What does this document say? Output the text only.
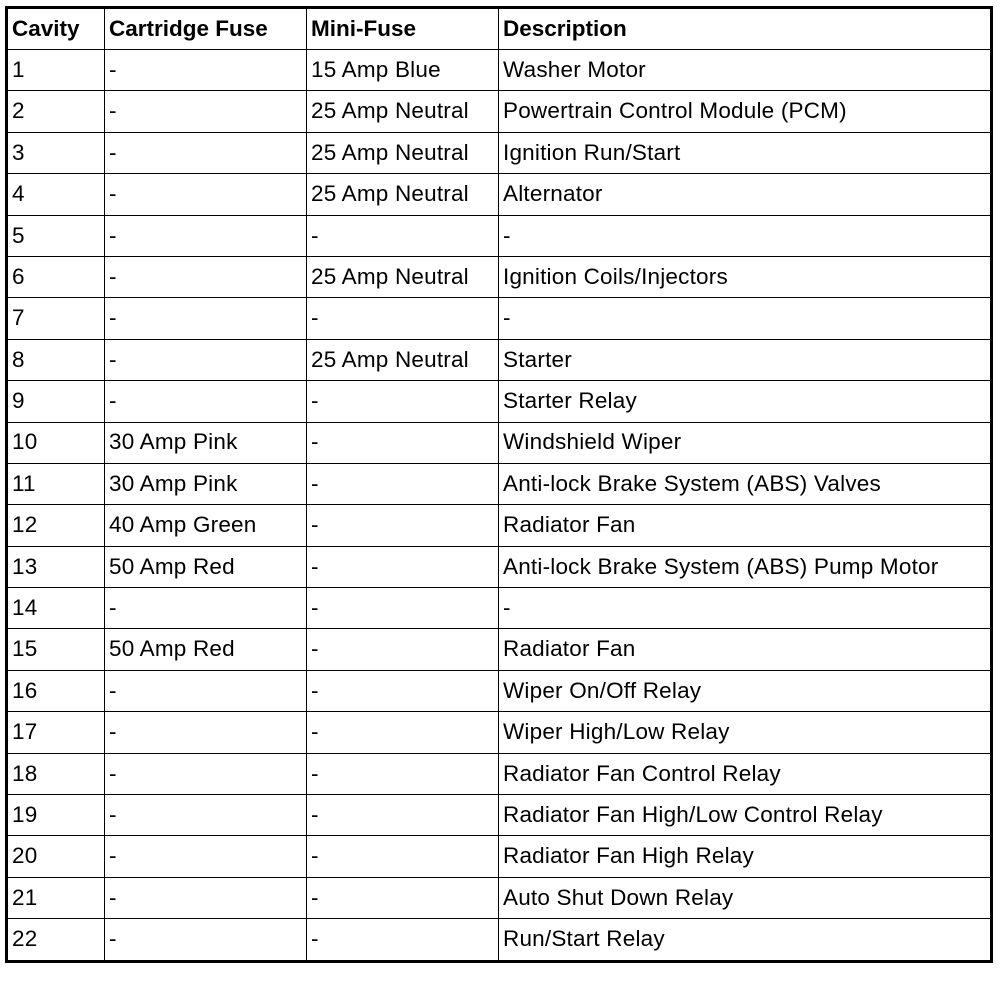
Cavity	Cartridge Fuse	Mini-Fuse	Description
1	-	15 Amp Blue	Washer Motor
2	-	25 Amp Neutral	Powertrain Control Module (PCM)
3	-	25 Amp Neutral	Ignition Run/Start
4	-	25 Amp Neutral	Alternator
5	-	-	-
6	-	25 Amp Neutral	Ignition Coils/Injectors
7	-	-	-
8	-	25 Amp Neutral	Starter
9	-	-	Starter Relay
10	30 Amp Pink	-	Windshield Wiper
11	30 Amp Pink	-	Anti-lock Brake System (ABS) Valves
12	40 Amp Green	-	Radiator Fan
13	50 Amp Red	-	Anti-lock Brake System (ABS) Pump Motor
14	-	-	-
15	50 Amp Red	-	Radiator Fan
16	-	-	Wiper On/Off Relay
17	-	-	Wiper High/Low Relay
18	-	-	Radiator Fan Control Relay
19	-	-	Radiator Fan High/Low Control Relay
20	-	-	Radiator Fan High Relay
21	-	-	Auto Shut Down Relay
22	-	-	Run/Start Relay
